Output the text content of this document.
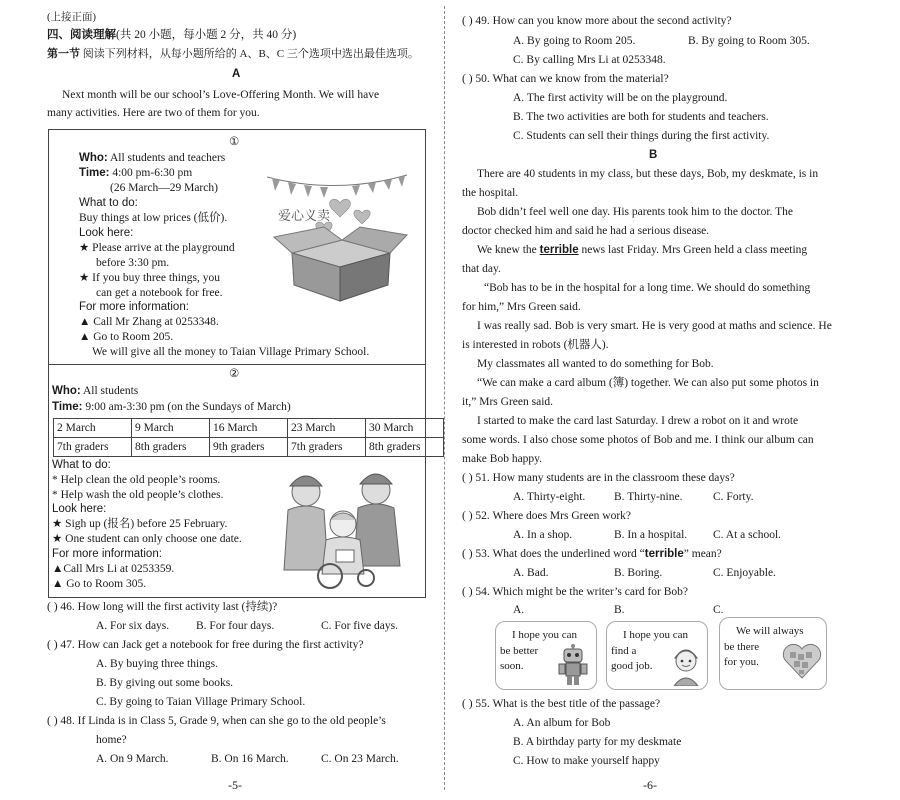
(上接正面)
四、阅读理解(共 20 小题，每小题 2 分，共 40 分)
第一节 阅读下列材料，从每小题所给的 A、B、C 三个选项中选出最佳选项。
A
Next month will be our school’s Love-Offering Month. We will have
many activities. Here are two of them for you.
①
Who: All students and teachers
Time: 4:00 pm-6:30 pm
(26 March—29 March)
What to do:
Buy things at low prices (低价).
Look here:
★ Please arrive at the playground
before 3:30 pm.
★ If you buy three things, you
can get a notebook for free.
For more information:
▲ Call Mr Zhang at 0253348.
▲ Go to Room 205.
We will give all the money to Taian Village Primary School.
爱心义卖
②
Who: All students
Time: 9:00 am-3:30 pm (on the Sundays of March)
2 March	9 March	16 March	23 March	30 March
7th graders	8th graders	9th graders	7th graders	8th graders
What to do:
* Help clean the old people’s rooms.
* Help wash the old people’s clothes.
Look here:
★ Sigh up (报名) before 25 February.
★ One student can only choose one date.
For more information:
▲Call Mrs Li at 0253359.
▲ Go to Room 305.
( ) 46. How long will the first activity last (持续)?
A. For six days. B. For four days.	C. For five days.
( ) 47. How can Jack get a notebook for free during the first activity?
A. By buying three things.
B. By giving out some books.
C. By going to Taian Village Primary School.
( ) 48. If Linda is in Class 5, Grade 9, when can she go to the old people’s
home?
A. On 9 March.	B. On 16 March.	C. On 23 March.
-5-
( ) 49. How can you know more about the second activity?
A. By going to Room 205.	B. By going to Room 305.
C. By calling Mrs Li at 0253348.
( ) 50. What can we know from the material?
A. The first activity will be on the playground.
B. The two activities are both for students and teachers.
C. Students can sell their things during the first activity.
B
There are 40 students in my class, but these days, Bob, my deskmate, is in
the hospital.
Bob didn’t feel well one day. His parents took him to the doctor. The
doctor checked him and said he had a serious disease.
We knew the terrible news last Friday. Mrs Green held a class meeting
that day.
“Bob has to be in the hospital for a long time. We should do something
for him,” Mrs Green said.
I was really sad. Bob is very smart. He is very good at maths and science. He
is interested in robots (机器人).
My classmates all wanted to do something for Bob.
“We can make a card album (簿) together. We can also put some photos in
it,” Mrs Green said.
I started to make the card last Saturday. I drew a robot on it and wrote
some words. I also chose some photos of Bob and me. I think our album can
make Bob happy.
( ) 51. How many students are in the classroom these days?
A. Thirty-eight. B. Thirty-nine.	C. Forty.
( ) 52. Where does Mrs Green work?
A. In a shop.	B. In a hospital. C. At a school.
( ) 53. What does the underlined word “terrible” mean?
A. Bad.	B. Boring.	C. Enjoyable.
( ) 54. Which might be the writer’s card for Bob?
A.	B.	C.
I hope you can
be better
soon.
I hope you can
find a
good job.
We will always
be there
for you.
( ) 55. What is the best title of the passage?
A. An album for Bob
B. A birthday party for my deskmate
C. How to make yourself happy
-6-
